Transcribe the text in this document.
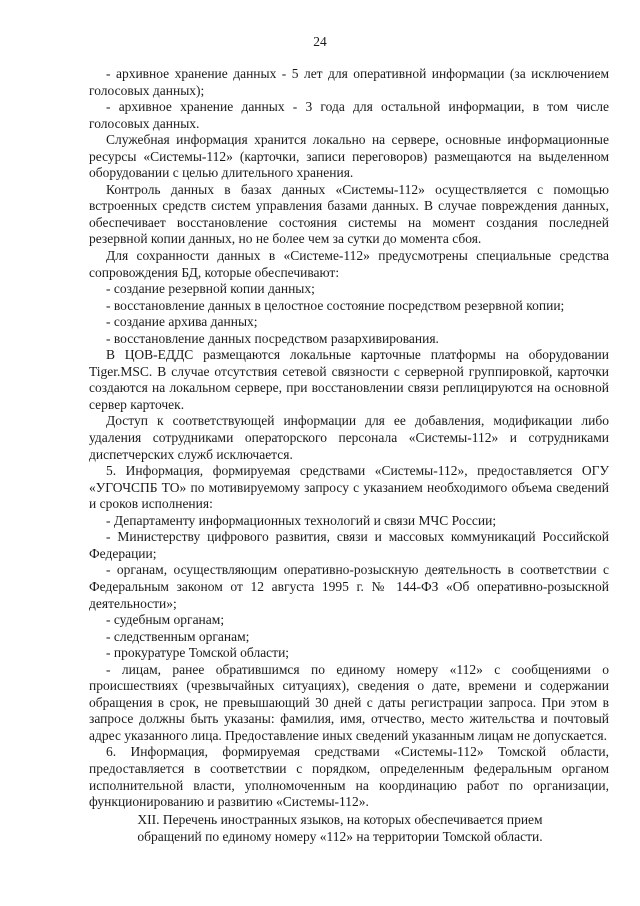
24

- архивное хранение данных - 5 лет для оперативной информации (за исключением голосовых данных);

- архивное хранение данных - 3 года для остальной информации, в том числе голосовых данных.

Служебная информация хранится локально на сервере, основные информационные ресурсы «Системы-112» (карточки, записи переговоров) размещаются на выделенном оборудовании с целью длительного хранения.

Контроль данных в базах данных «Системы-112» осуществляется с помощью встроенных средств систем управления базами данных. В случае повреждения данных, обеспечивает восстановление состояния системы на момент создания последней резервной копии данных, но не более чем за сутки до момента сбоя.

Для сохранности данных в «Системе-112» предусмотрены специальные средства сопровождения БД, которые обеспечивают:

- создание резервной копии данных;

- восстановление данных в целостное состояние посредством резервной копии;

- создание архива данных;

- восстановление данных посредством разархивирования.

В ЦОВ-ЕДДС размещаются локальные карточные платформы на оборудовании Tiger.MSC. В случае отсутствия сетевой связности с серверной группировкой, карточки создаются на локальном сервере, при восстановлении связи реплицируются на основной сервер карточек.

Доступ к соответствующей информации для ее добавления, модификации либо удаления сотрудниками операторского персонала «Системы-112» и сотрудниками диспетчерских служб исключается.

5. Информация, формируемая средствами «Системы-112», предоставляется ОГУ «УГОЧСПБ ТО» по мотивируемому запросу с указанием необходимого объема сведений и сроков исполнения:

- Департаменту информационных технологий и связи МЧС России;

- Министерству цифрового развития, связи и массовых коммуникаций Российской Федерации;

- органам, осуществляющим оперативно-розыскную деятельность в соответствии с Федеральным законом от 12 августа 1995 г. № 144-ФЗ «Об оперативно-розыскной деятельности»;

- судебным органам;

- следственным органам;

- прокуратуре Томской области;

- лицам, ранее обратившимся по единому номеру «112» с сообщениями о происшествиях (чрезвычайных ситуациях), сведения о дате, времени и содержании обращения в срок, не превышающий 30 дней с даты регистрации запроса. При этом в запросе должны быть указаны: фамилия, имя, отчество, место жительства и почтовый адрес указанного лица. Предоставление иных сведений указанным лицам не допускается.

6. Информация, формируемая средствами «Системы-112» Томской области, предоставляется в соответствии с порядком, определенным федеральным органом исполнительной власти, уполномоченным на координацию работ по организации, функционированию и развитию «Системы-112».

XII. Перечень иностранных языков, на которых обеспечивается прием
обращений по единому номеру «112» на территории Томской области.
